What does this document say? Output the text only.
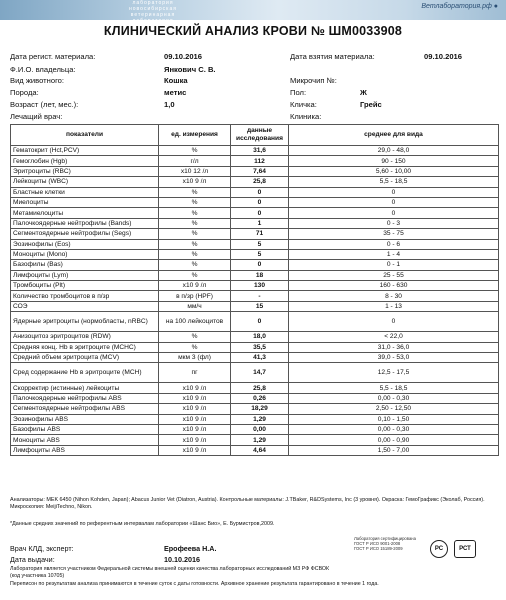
лаборатория
новосибирская
ветеринарная
лаборатория
Ветлаборатория.рф ●
КЛИНИЧЕСКИЙ АНАЛИЗ КРОВИ № ШМ0033908
Дата регист. материала:	09.10.2016	Дата взятия материала:	09.10.2016
Ф.И.О. владельца:	Янкович С. В.
Вид животного:	Кошка	Микрочип №:
Порода:	метис	Пол:	Ж
Возраст (лет, мес.):	1,0	Кличка:	Грейс
Лечащий врач:	Клиника:
показатели	ед. измерения	данные исследования	среднее для вида
Гематокрит (Hct,PCV)	%	31,6	29,0 - 48,0
Гемоглобин (Hgb)	г/л	112	90 - 150
Эритроциты (RBC)	x10 12 /л	7,64	5,60 - 10,00
Лейкоциты (WBC)	x10 9 /л	25,8	5,5 - 18,5
Бластные клетки	%	0	0
Миелоциты	%	0	0
Метамиелоциты	%	0	0
Палочкоядерные нейтрофилы (Bands)	%	1	0 - 3
Сегментоядерные нейтрофилы (Segs)	%	71	35 - 75
Эозинофилы (Eos)	%	5	0 - 6
Моноциты (Mono)	%	5	1 - 4
Базофилы (Bas)	%	0	0 - 1
Лимфоциты (Lym)	%	18	25 - 55
Тромбоциты (Plt)	x10 9 /л	130	160 - 630
Количество тромбоцитов в п/зр	в п/зр (HPF)	-	8 - 30
СОЭ	мм/ч	15	1 - 13
Ядерные эритроциты (нормобласты, nRBC)	на 100 лейкоцитов	0	0
Анизоцитоз эритроцитов (RDW)	%	18,0	< 22,0
Средняя конц. Hb в эритроците (MCHC)	%	35,5	31,0 - 36,0
Средний объем эритроцита (MCV)	мкм 3 (фл)	41,3	39,0 - 53,0
Сред содержание Hb в эритроците (MCH)	пг	14,7	12,5 - 17,5
Скорректир (истинные) лейкоциты	x10 9 /л	25,8	5,5 - 18,5
Палочкоядерные нейтрофилы ABS	x10 9 /л	0,26	0,00 - 0,30
Сегментоядерные нейтрофилы ABS	x10 9 /л	18,29	2,50 - 12,50
Эозинофилы ABS	x10 9 /л	1,29	0,10 - 1,50
Базофилы ABS	x10 9 /л	0,00	0,00 - 0,30
Моноциты ABS	x10 9 /л	1,29	0,00 - 0,90
Лимфоциты ABS	x10 9 /л	4,64	1,50 - 7,00
Анализаторы: MEK 6450 (Nihon Kohden, Japan); Abacus Junior Vet (Diatron, Austria). Контрольные материалы: J.TBaker, R&DSystems, Inc (3 уровня). Окраска: ГемоГрафикс (Эколаб, Россия). Микроскопия: MeijiTechno, Nikon.
*Данные средних значений по референтным интервалам лаборатории «Шанс Био», Е. Бурмистров,2009.
Врач КЛД, эксперт:	Ерофеева Н.А.
Дата выдачи:	10.10.2016
Лаборатория является участником Федеральной системы внешней оценки качества лабораторных исследований МЗ РФ ФСВОК
(код участника 10705)
Переписон по результатам анализа принимаются в течение суток с даты готовности. Архивное хранение результата гарантировано в течение 1 года.
Лаборатория сертифицирована
ГОСТ Р ИСО 9001-2008
ГОСТ Р ИСО 15189-2009	РС	РСТ
